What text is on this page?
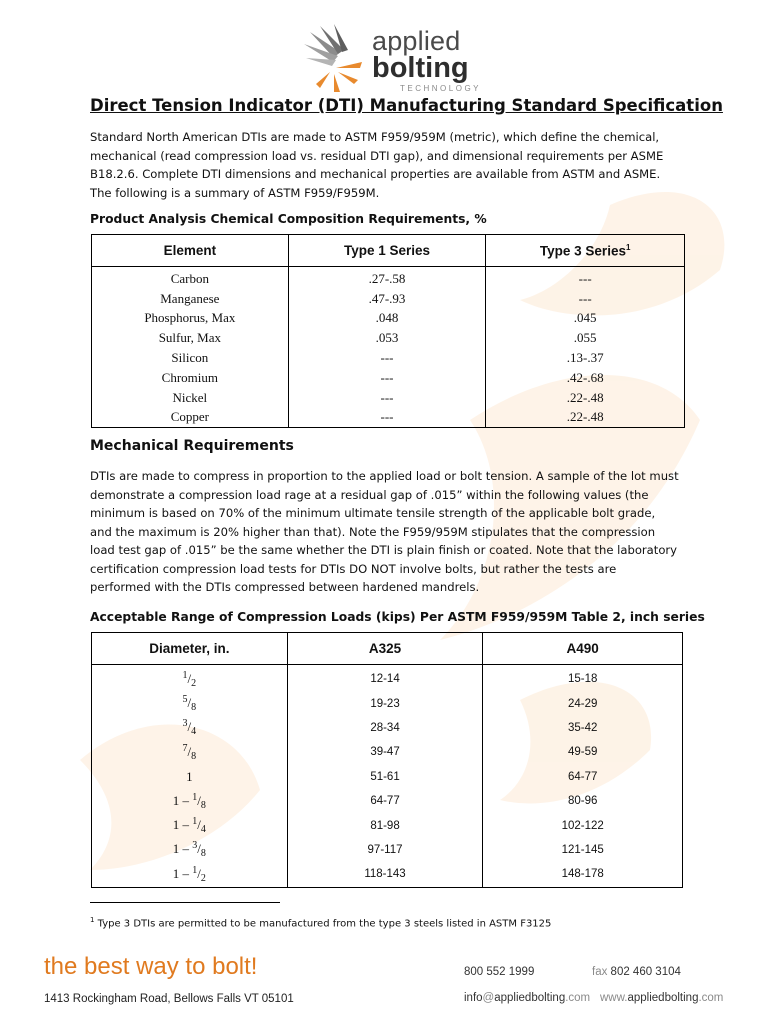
applied
bolting
TECHNOLOGY
Direct Tension Indicator (DTI) Manufacturing Standard Specification

Standard North American DTIs are made to ASTM F959/959M (metric), which define the chemical, mechanical (read compression load vs. residual DTI gap), and dimensional requirements per ASME B18.2.6. Complete DTI dimensions and mechanical properties are available from ASTM and ASME. The following is a summary of ASTM F959/F959M.

Product Analysis Chemical Composition Requirements, %
Element	Type 1 Series	Type 3 Series$^1$
Carbon	.27-.58	---
Manganese	.47-.93	---
Phosphorus, Max	.048	.045
Sulfur, Max	.053	.055
Silicon	---	.13-.37
Chromium	---	.42-.68
Nickel	---	.22-.48
Copper	---	.22-.48
Mechanical Requirements

DTIs are made to compress in proportion to the applied load or bolt tension. A sample of the lot must demonstrate a compression load rage at a residual gap of .015” within the following values (the minimum is based on 70% of the minimum ultimate tensile strength of the applicable bolt grade, and the maximum is 20% higher than that). Note the F959/959M stipulates that the compression load test gap of .015” be the same whether the DTI is plain finish or coated. Note that the laboratory certification compression load tests for DTIs DO NOT involve bolts, but rather the tests are performed with the DTIs compressed between hardened mandrels.

Acceptable Range of Compression Loads (kips) Per ASTM F959/959M Table 2, inch series
Diameter, in.	A325	A490
$^1/_2$	12-14	15-18
$^5/_8$	19-23	24-29
$^3/_4$	28-34	35-42
$^7/_8$	39-47	49-59
1	51-61	64-77
$1 - ^1/_8$	64-77	80-96
$1 - ^1/_4$	81-98	102-122
$1 - ^3/_8$	97-117	121-145
$1 - ^1/_2$	118-143	148-178

$^1$ Type 3 DTIs are permitted to be manufactured from the type 3 steels listed in ASTM F3125

the best way to bolt!
1413 Rockingham Road, Bellows Falls VT 05101
800 552 1999	fax 802 460 3104
info@appliedbolting.com www.appliedbolting.com
